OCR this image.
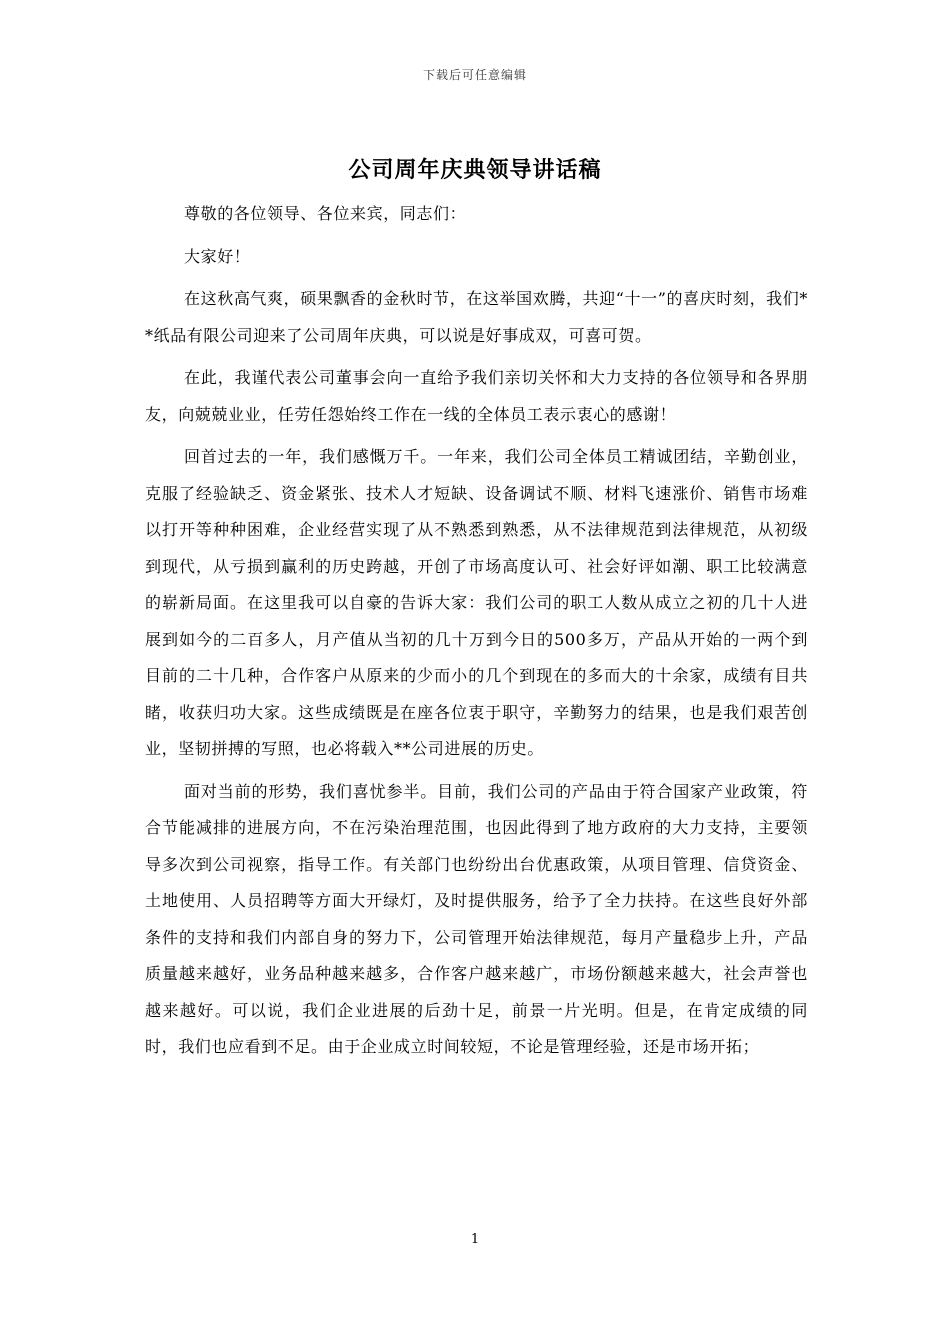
下载后可任意编辑
公司周年庆典领导讲话稿

尊敬的各位领导、各位来宾，同志们：

大家好！

在这秋高气爽，硕果飘香的金秋时节，在这举国欢腾，共迎“十一”的喜庆时刻，我们**纸品有限公司迎来了公司周年庆典，可以说是好事成双，可喜可贺。

在此，我谨代表公司董事会向一直给予我们亲切关怀和大力支持的各位领导和各界朋友，向兢兢业业，任劳任怨始终工作在一线的全体员工表示衷心的感谢！

回首过去的一年，我们感慨万千。一年来，我们公司全体员工精诚团结，辛勤创业，克服了经验缺乏、资金紧张、技术人才短缺、设备调试不顺、材料飞速涨价、销售市场难以打开等种种困难，企业经营实现了从不熟悉到熟悉，从不法律规范到法律规范，从初级到现代，从亏损到赢利的历史跨越，开创了市场高度认可、社会好评如潮、职工比较满意的崭新局面。在这里我可以自豪的告诉大家：我们公司的职工人数从成立之初的几十人进展到如今的二百多人，月产值从当初的几十万到今日的500多万，产品从开始的一两个到目前的二十几种，合作客户从原来的少而小的几个到现在的多而大的十余家，成绩有目共睹，收获归功大家。这些成绩既是在座各位衷于职守，辛勤努力的结果，也是我们艰苦创业，坚韧拼搏的写照，也必将载入**公司进展的历史。

面对当前的形势，我们喜忧参半。目前，我们公司的产品由于符合国家产业政策，符合节能减排的进展方向，不在污染治理范围，也因此得到了地方政府的大力支持，主要领导多次到公司视察，指导工作。有关部门也纷纷出台优惠政策，从项目管理、信贷资金、土地使用、人员招聘等方面大开绿灯，及时提供服务，给予了全力扶持。在这些良好外部条件的支持和我们内部自身的努力下，公司管理开始法律规范，每月产量稳步上升，产品质量越来越好，业务品种越来越多，合作客户越来越广，市场份额越来越大，社会声誉也越来越好。可以说，我们企业进展的后劲十足，前景一片光明。但是，在肯定成绩的同时，我们也应看到不足。由于企业成立时间较短，不论是管理经验，还是市场开拓；

1
